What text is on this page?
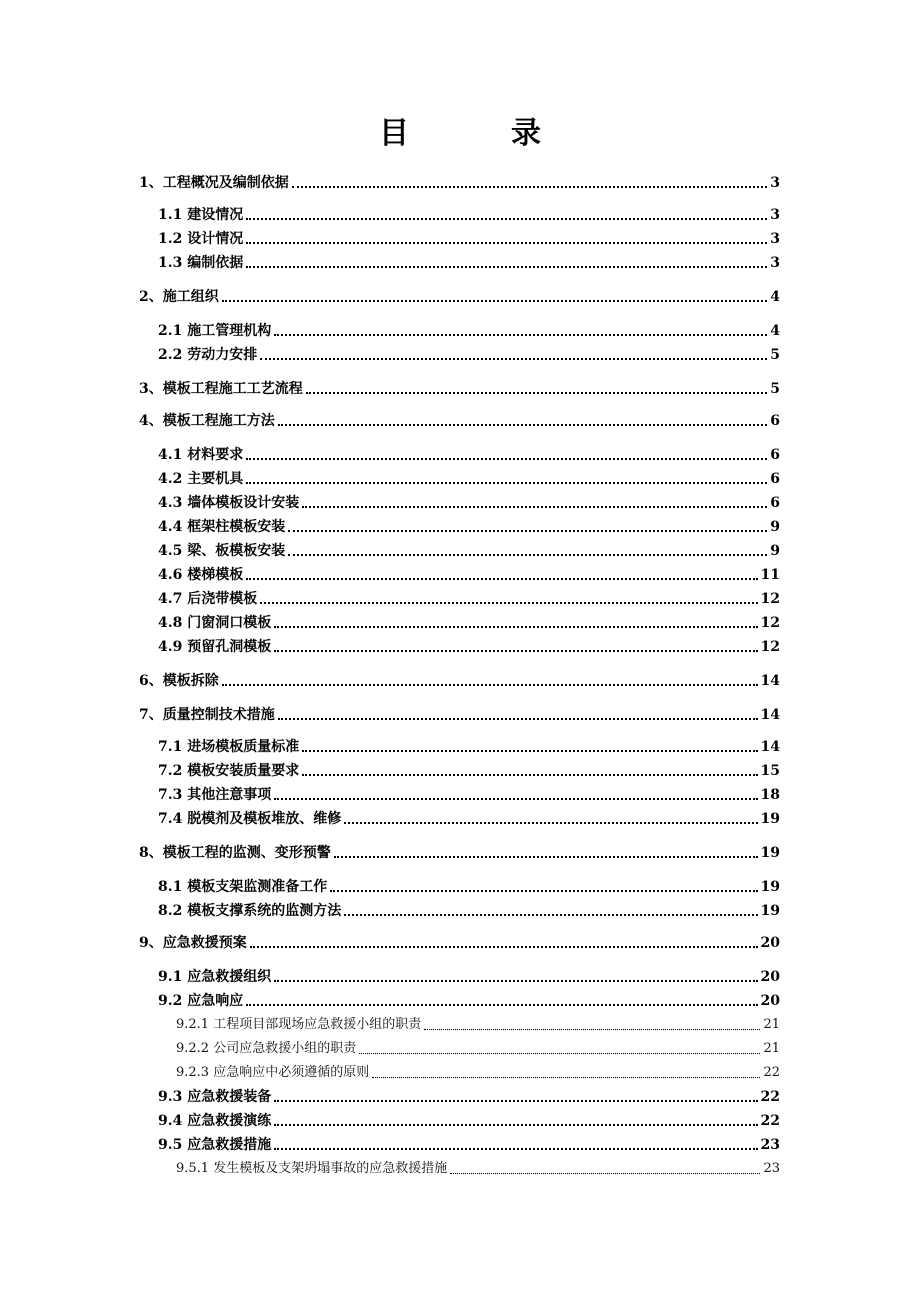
目　录
1、工程概况及编制依据	3
1.1 建设情况	3
1.2 设计情况	3
1.3 编制依据	3
2、施工组织	4
2.1 施工管理机构	4
2.2 劳动力安排	5
3、模板工程施工工艺流程	5
4、模板工程施工方法	6
4.1 材料要求	6
4.2 主要机具	6
4.3 墙体模板设计安装	6
4.4 框架柱模板安装	9
4.5 梁、板模板安装	9
4.6 楼梯模板	11
4.7 后浇带模板	12
4.8 门窗洞口模板	12
4.9 预留孔洞模板	12
6、模板拆除	14
7、质量控制技术措施	14
7.1 进场模板质量标准	14
7.2 模板安装质量要求	15
7.3 其他注意事项	18
7.4 脱模剂及模板堆放、维修	19
8、模板工程的监测、变形预警	19
8.1 模板支架监测准备工作	19
8.2 模板支撑系统的监测方法	19
9、应急救援预案	20
9.1 应急救援组织	20
9.2 应急响应	20
9.2.1 工程项目部现场应急救援小组的职责	21
9.2.2 公司应急救援小组的职责	21
9.2.3 应急响应中必须遵循的原则	22
9.3 应急救援装备	22
9.4 应急救援演练	22
9.5 应急救援措施	23
9.5.1 发生模板及支架坍塌事故的应急救援措施	23
